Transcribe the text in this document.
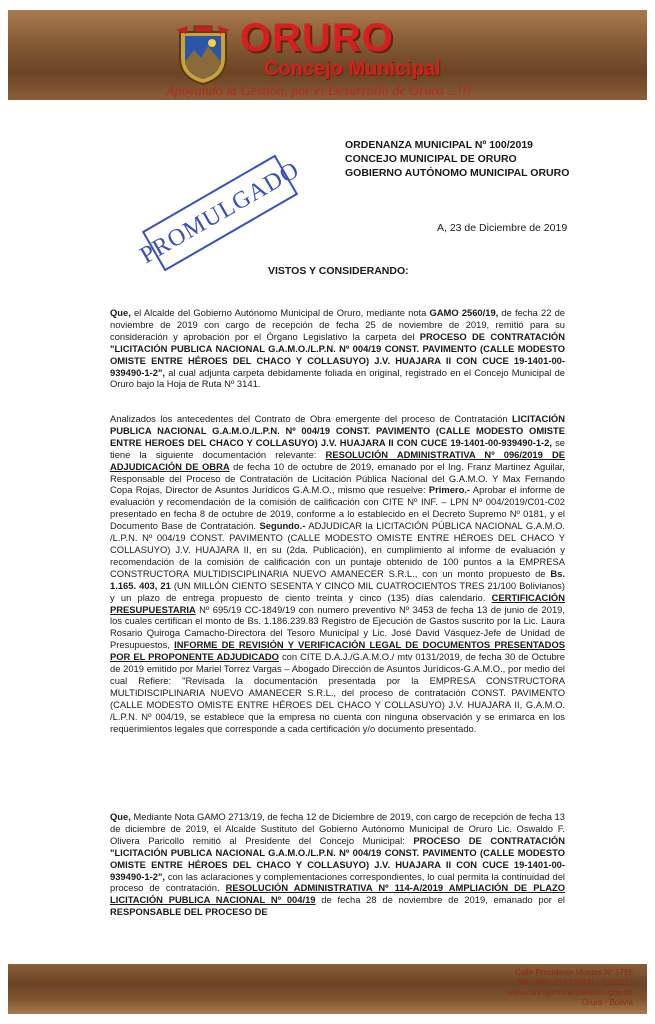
ORURO
Concejo Municipal
Apoyando la Gestión, por el Desarrollo de Oruro ...!!!
ORDENANZA MUNICIPAL Nº 100/2019
CONCEJO MUNICIPAL DE ORURO
GOBIERNO AUTÓNOMO MUNICIPAL ORURO
PROMULGADO	A, 23 de Diciembre de 2019
VISTOS Y CONSIDERANDO:

Que, el Alcalde del Gobierno Autónomo Municipal de Oruro, mediante nota GAMO 2560/19, de fecha 22 de noviembre de 2019 con cargo de recepción de fecha 25 de noviembre de 2019, remitió para su consideración y aprobación por el Órgano Legislativo la carpeta del PROCESO DE CONTRATACIÓN "LICITACIÓN PUBLICA NACIONAL G.A.M.O./L.P.N. Nº 004/19 CONST. PAVIMENTO (CALLE MODESTO OMISTE ENTRE HÉROES DEL CHACO Y COLLASUYO) J.V. HUAJARA II CON CUCE 19-1401-00-939490-1-2", al cual adjunta carpeta debidamente foliada en original, registrado en el Concejo Municipal de Oruro bajo la Hoja de Ruta Nº 3141.

Analizados los antecedentes del Contrato de Obra emergente del proceso de Contratación LICITACIÓN PUBLICA NACIONAL G.A.M.O./L.P.N. Nº 004/19 CONST. PAVIMENTO (CALLE MODESTO OMISTE ENTRE HEROES DEL CHACO Y COLLASUYO) J.V. HUAJARA II CON CUCE 19-1401-00-939490-1-2, se tiene la siguiente documentación relevante: RESOLUCIÓN ADMINISTRATIVA Nº 096/2019 DE ADJUDICACIÓN DE OBRA de fecha 10 de octubre de 2019, emanado por el Ing. Franz Martinez Aguilar, Responsable del Proceso de Contratación de Licitación Pública Nacional del G.A.M.O. Y Max Fernando Copa Rojas, Director de Asuntos Jurídicos G.A.M.O., mismo que resuelve: Primero.- Aprobar el informe de evaluación y recomendación de la comisión de calificación con CITE Nº INF. – LPN Nº 004/2019/C01-C02 presentado en fecha 8 de octubre de 2019, conforme a lo establecido en el Decreto Supremo Nº 0181, y el Documento Base de Contratación. Segundo.- ADJUDICAR la LICITACIÓN PÚBLICA NACIONAL G.A.M.O. /L.P.N. Nº 004/19 CONST. PAVIMENTO (CALLE MODESTO OMISTE ENTRE HÉROES DEL CHACO Y COLLASUYO) J.V. HUAJARA II, en su (2da. Publicación), en cumplimiento al informe de evaluación y recomendación de la comisión de calificación con un puntaje obtenido de 100 puntos a la EMPRESA CONSTRUCTORA MULTIDISCIPLINARIA NUEVO AMANECER S.R.L., con un monto propuesto de Bs. 1.165. 403, 21 (UN MILLÓN CIENTO SESENTA Y CINCO MIL CUATROCIENTOS TRES 21/100 Bolivianos) y un plazo de entrega propuesto de ciento treinta y cinco (135) días calendario. CERTIFICACIÓN PRESUPUESTARIA Nº 695/19 CC-1849/19 con numero preventivo Nº 3453 de fecha 13 de junio de 2019, los cuales certifican el monto de Bs. 1.186.239.83 Registro de Ejecución de Gastos suscrito por la Lic. Laura Rosario Quiroga Camacho-Directora del Tesoro Municipal y Lic. José David Vásquez-Jefe de Unidad de Presupuestos, INFORME DE REVISIÓN Y VERIFICACIÓN LEGAL DE DOCUMENTOS PRESENTADOS POR EL PROPONENTE ADJUDICADO con CITE D.A.J./G.A.M.O./ mtv 0131/2019, de fecha 30 de Octubre de 2019 emitido por Mariel Torrez Vargas – Abogado Dirección de Asuntos Jurídicos-G.A.M.O., por medio del cual Refiere: "Revisada la documentación presentada por la EMPRESA CONSTRUCTORA MULTIDISCIPLINARIA NUEVO AMANECER S.R.L., del proceso de contratación CONST. PAVIMENTO (CALLE MODESTO OMISTE ENTRE HÉROES DEL CHACO Y COLLASUYO) J.V. HUAJARA II, G.A.M.O. /L.P.N. Nº 004/19, se establece que la empresa no cuenta con ninguna observación y se enmarca en los requerimientos legales que corresponde a cada certificación y/o documento presentado.

Que, Mediante Nota GAMO 2713/19, de fecha 12 de Diciembre de 2019, con cargo de recepción de fecha 13 de diciembre de 2019, el Alcalde Sustituto del Gobierno Autónomo Municipal de Oruro Lic. Oswaldo F. Olivera Paricollo remitió al Presidente del Concejo Municipal: PROCESO DE CONTRATACIÓN "LICITACIÓN PUBLICA NACIONAL G.A.M.O./L.P.N. Nº 004/19 CONST. PAVIMENTO (CALLE MODESTO OMISTE ENTRE HÉROES DEL CHACO Y COLLASUYO) J.V. HUAJARA II CON CUCE 19-1401-00-939490-1-2", con las aclaraciones y complementaciones correspondientes, lo cual permita la continuidad del proceso de contratación. RESOLUCIÓN ADMINISTRATIVA Nº 114-A/2019 AMPLIACIÓN DE PLAZO LICITACIÓN PUBLICA NACIONAL Nº 004/19 de fecha 28 de noviembre de 2019, emanado por el RESPONSABLE DEL PROCESO DE

Calle Presidente Montes Nº 5755
Telf.: (591-2) 5276431 - 5252213
www.concejomunicipaloruro.gob.bo
Oruro - Bolivia
